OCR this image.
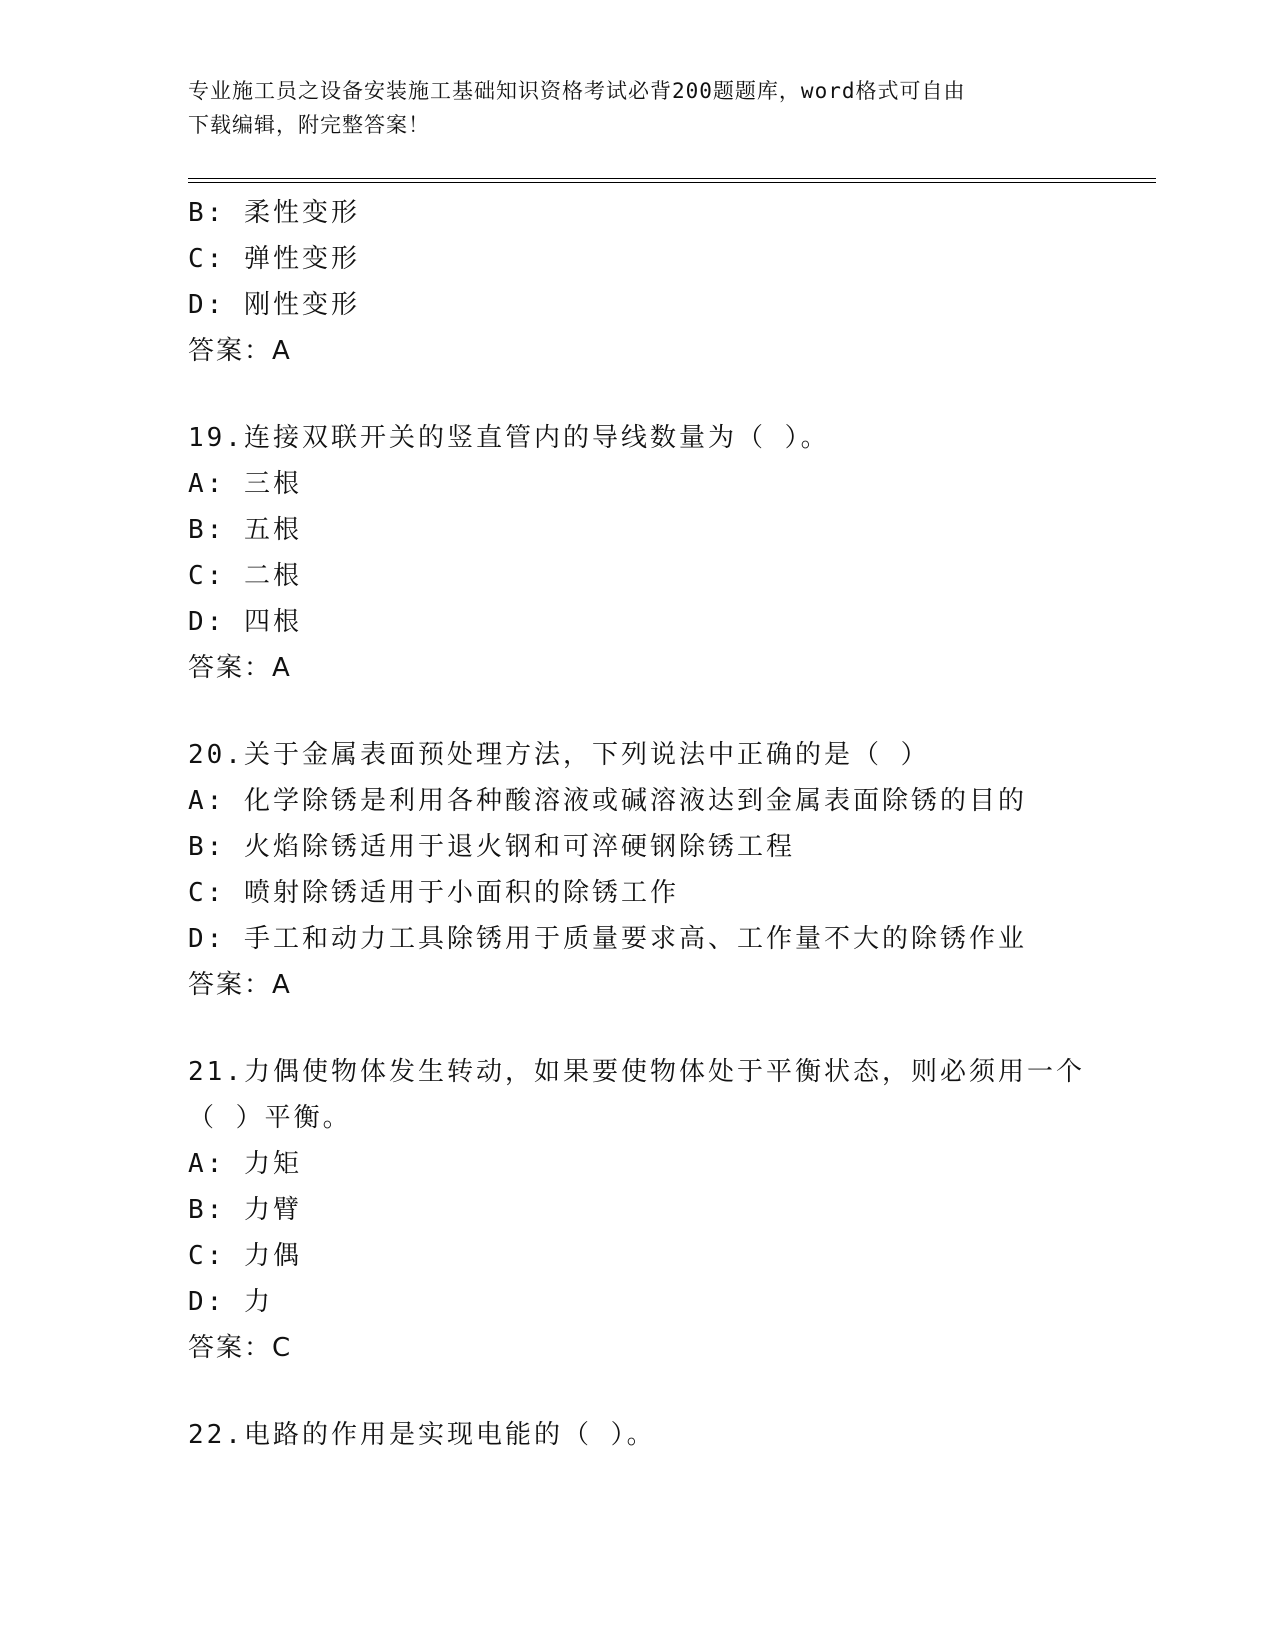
专业施工员之设备安装施工基础知识资格考试必背200题题库，word格式可自由
下载编辑，附完整答案！
B: 柔性变形
C: 弹性变形
D: 刚性变形
答案：A
19.连接双联开关的竖直管内的导线数量为（ ）。
A: 三根
B: 五根
C: 二根
D: 四根
答案：A
20.关于金属表面预处理方法，下列说法中正确的是（ ）
A: 化学除锈是利用各种酸溶液或碱溶液达到金属表面除锈的目的
B: 火焰除锈适用于退火钢和可淬硬钢除锈工程
C: 喷射除锈适用于小面积的除锈工作
D: 手工和动力工具除锈用于质量要求高、工作量不大的除锈作业
答案：A
21.力偶使物体发生转动，如果要使物体处于平衡状态，则必须用一个
（ ）平衡。
A: 力矩
B: 力臂
C: 力偶
D: 力
答案：C
22.电路的作用是实现电能的（ ）。
